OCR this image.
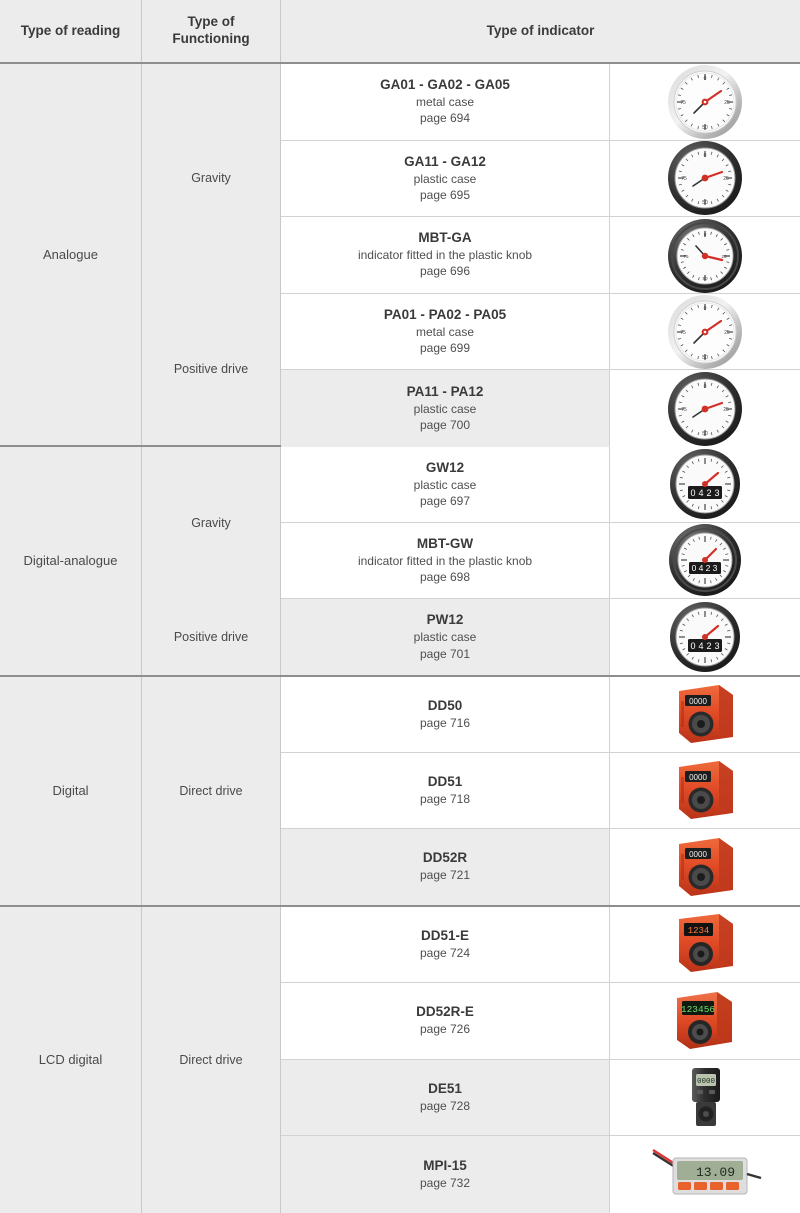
Type of reading
Type of
Functioning
Type of indicator
Analogue
Gravity
Positive drive
GA01 - GA02 - GA05
metal case
page 694
0
25
50
75
GA11 - GA12
plastic case
page 695
0
25
50
75
MBT-GA
indicator fitted in the plastic knob
page 696
0
25
50
75
PA01 - PA02 - PA05
metal case
page 699
0
25
50
75
PA11 - PA12
plastic case
page 700
0
25
50
75
Digital-analogue
Gravity
Positive drive
GW12
plastic case
page 697
0 4 2 3
MBT-GW
indicator fitted in the plastic knob
page 698
0 4 2 3
PW12
plastic case
page 701
0 4 2 3
Digital	Direct drive
DD50
page 716
0000
DD51
page 718
0000
DD52R
page 721
0000
LCD digital	Direct drive
DD51-E
page 724
1234
DD52R-E
page 726
123456
DE51
page 728
0000
MPI-15
page 732
13.09
